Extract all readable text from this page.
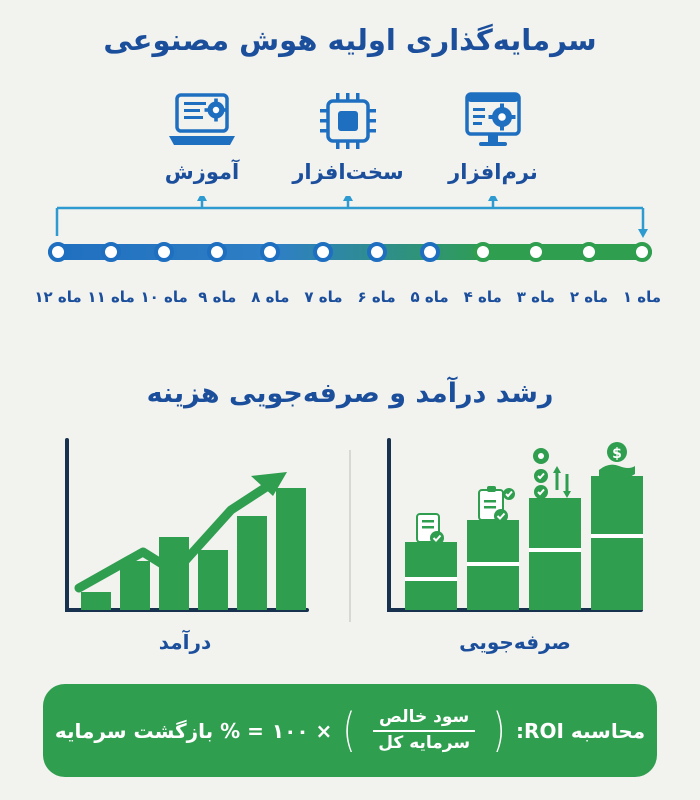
سرمایه‌گذاری اولیه هوش مصنوعی
آموزش	سخت‌افزار	نرم‌افزار
ماه ۱۲ ماه ۱۱ ماه ۱۰ ماه ۹ ماه ۸ ماه ۷ ماه ۶ ماه ۵ ماه ۴ ماه ۳ ماه ۲ ماه ۱
رشد درآمد و صرفه‌جویی هزینه
درآمد
$
صرفه‌جویی
محاسبه ROI:
(
$\frac{\text{سود خالص}}{\text{سرمایه کل}}$
)
× ۱۰۰
= % بازگشت سرمایه
